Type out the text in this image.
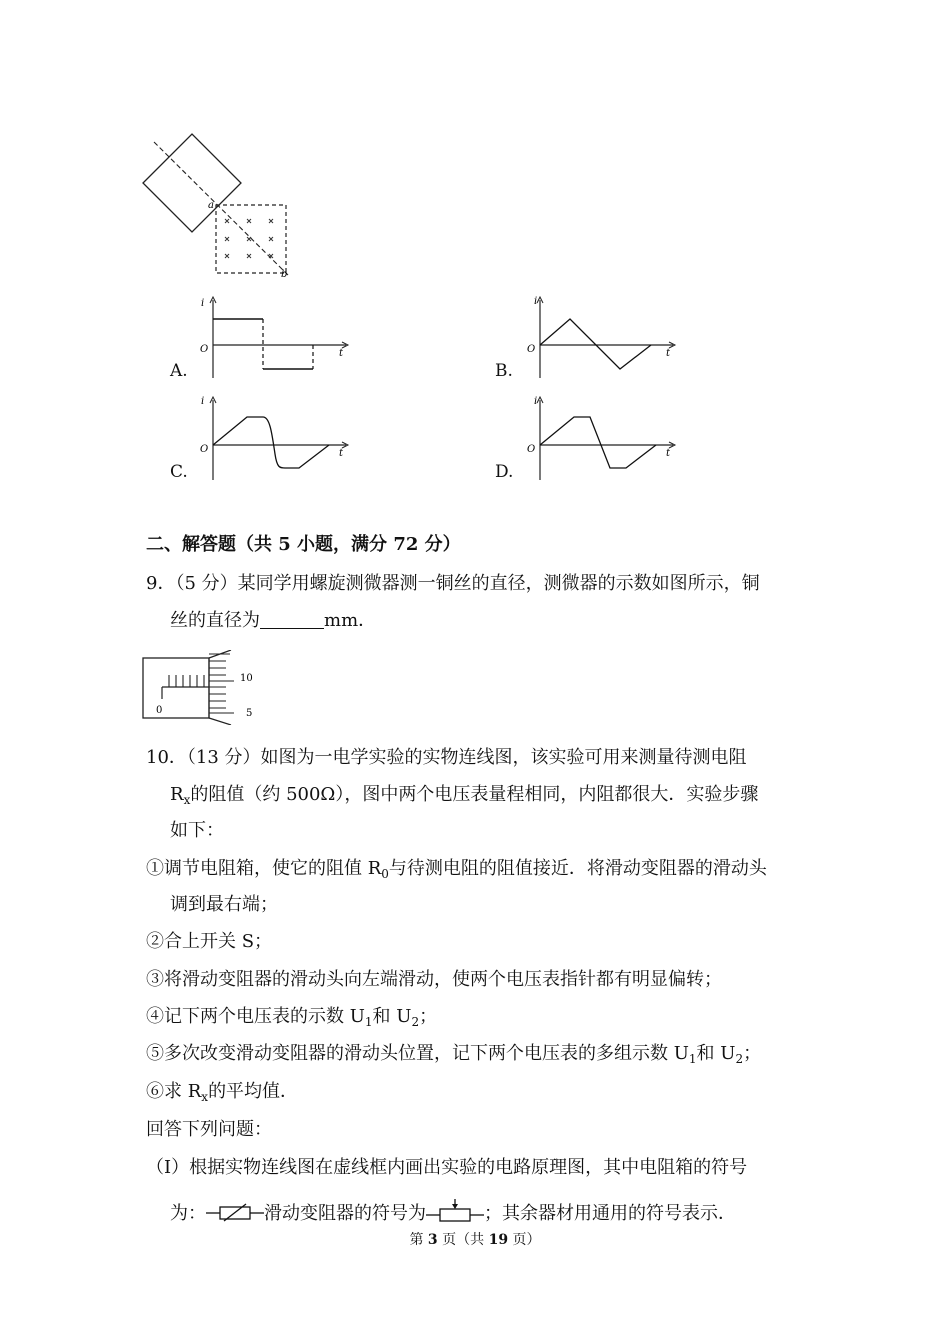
a
b
A.
i
t
O
B.
i
t
O
C.
i
t
O
D.
i
t
O
二、解答题（共 5 小题，满分 72 分）
9．（5 分）某同学用螺旋测微器测一铜丝的直径，测微器的示数如图所示，铜
丝的直径为	mm．
10
5
0
10．（13 分）如图为一电学实验的实物连线图，该实验可用来测量待测电阻
$R_x$的阻值（约 500Ω），图中两个电压表量程相同，内阻都很大．实验步骤
如下：
①调节电阻箱，使它的阻值 $R_0$与待测电阻的阻值接近．将滑动变阻器的滑动头
调到最右端；
②合上开关 S；
③将滑动变阻器的滑动头向左端滑动，使两个电压表指针都有明显偏转；
④记下两个电压表的示数 $U_1$和 $U_2$；
⑤多次改变滑动变阻器的滑动头位置，记下两个电压表的多组示数 $U_1$和 $U_2$；
⑥求 $R_x$的平均值．
回答下列问题：
（Ⅰ）根据实物连线图在虚线框内画出实验的电路原理图，其中电阻箱的符号
为：	滑动变阻器的符号为	；其余器材用通用的符号表示．
第 3 页（共 19 页）
